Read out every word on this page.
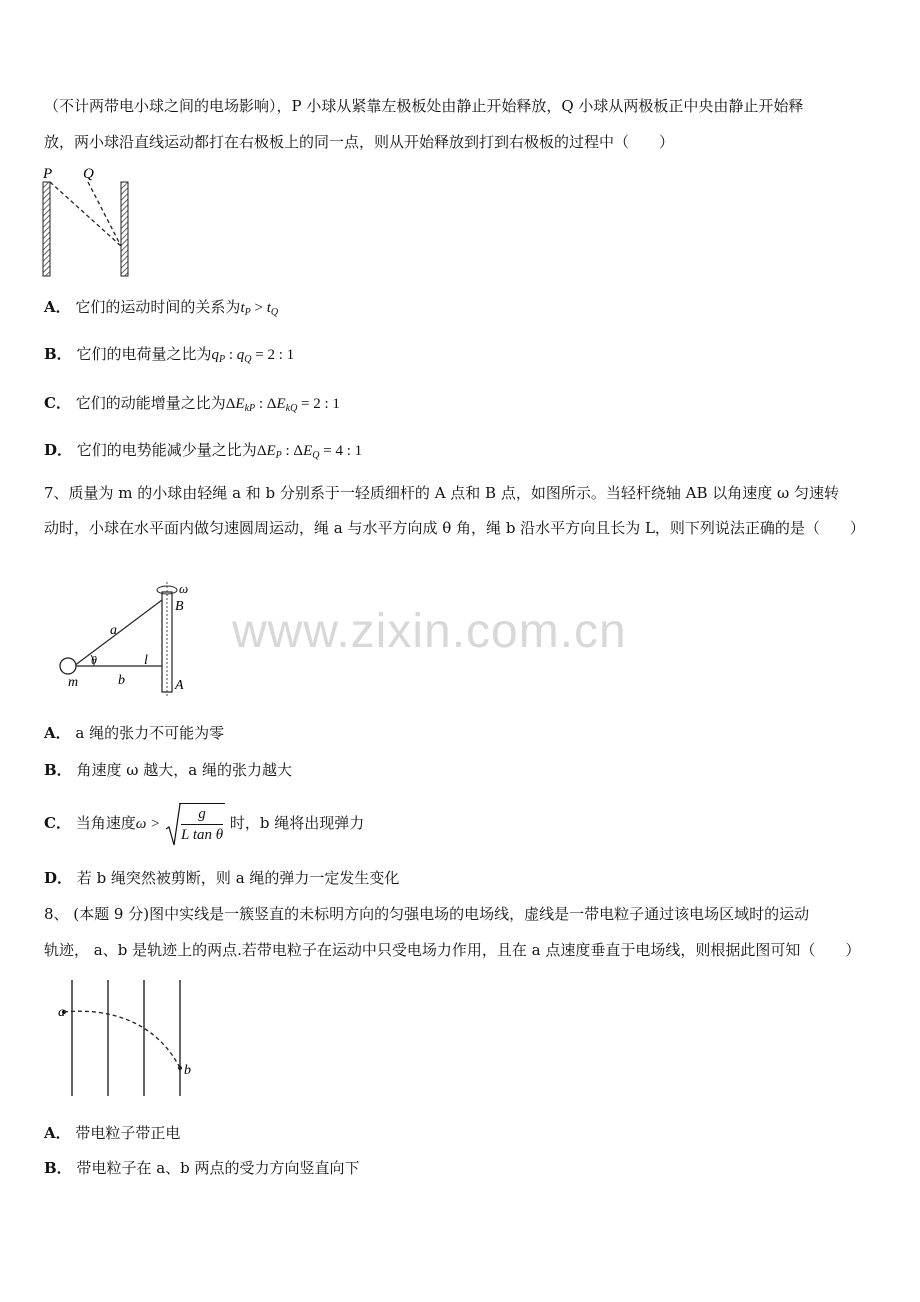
www.zixin.com.cn
（不计两带电小球之间的电场影响），P 小球从紧靠左极板处由静止开始释放，Q 小球从两极板正中央由静止开始释
放，两小球沿直线运动都打在右极板上的同一点，则从开始释放到打到右极板的过程中（　　）
P Q
A． 它们的运动时间的关系为$t_P > t_Q$
B． 它们的电荷量之比为$q_P$ : $q_Q = 2$ : 1
C． 它们的动能增量之比为$\Delta E_{kP}$ : $\Delta E_{kQ} = 2$ : 1
D． 它们的电势能减少量之比为$\Delta E_P$ : $\Delta E_Q = 4$ : 1
7、质量为 m 的小球由轻绳 a 和 b 分别系于一轻质细杆的 A 点和 B 点，如图所示。当轻杆绕轴 AB 以角速度 ω 匀速转
动时，小球在水平面内做匀速圆周运动，绳 a 与水平方向成 θ 角，绳 b 沿水平方向且长为 L，则下列说法正确的是（　　）
ω
B
a
θ	l
m	b	A
A． a 绳的张力不可能为零
B． 角速度 ω 越大，a 绳的张力越大
C． 当角速度$\omega > \frac{g}{\text{L tan θ}}$ 时，b 绳将出现弹力
D． 若 b 绳突然被剪断，则 a 绳的弹力一定发生变化
8、 (本题 9 分)图中实线是一簇竖直的未标明方向的匀强电场的电场线，虚线是一带电粒子通过该电场区域时的运动
轨迹， a、b 是轨迹上的两点.若带电粒子在运动中只受电场力作用，且在 a 点速度垂直于电场线，则根据此图可知（　　）
a
b
A． 带电粒子带正电
B． 带电粒子在 a、b 两点的受力方向竖直向下
